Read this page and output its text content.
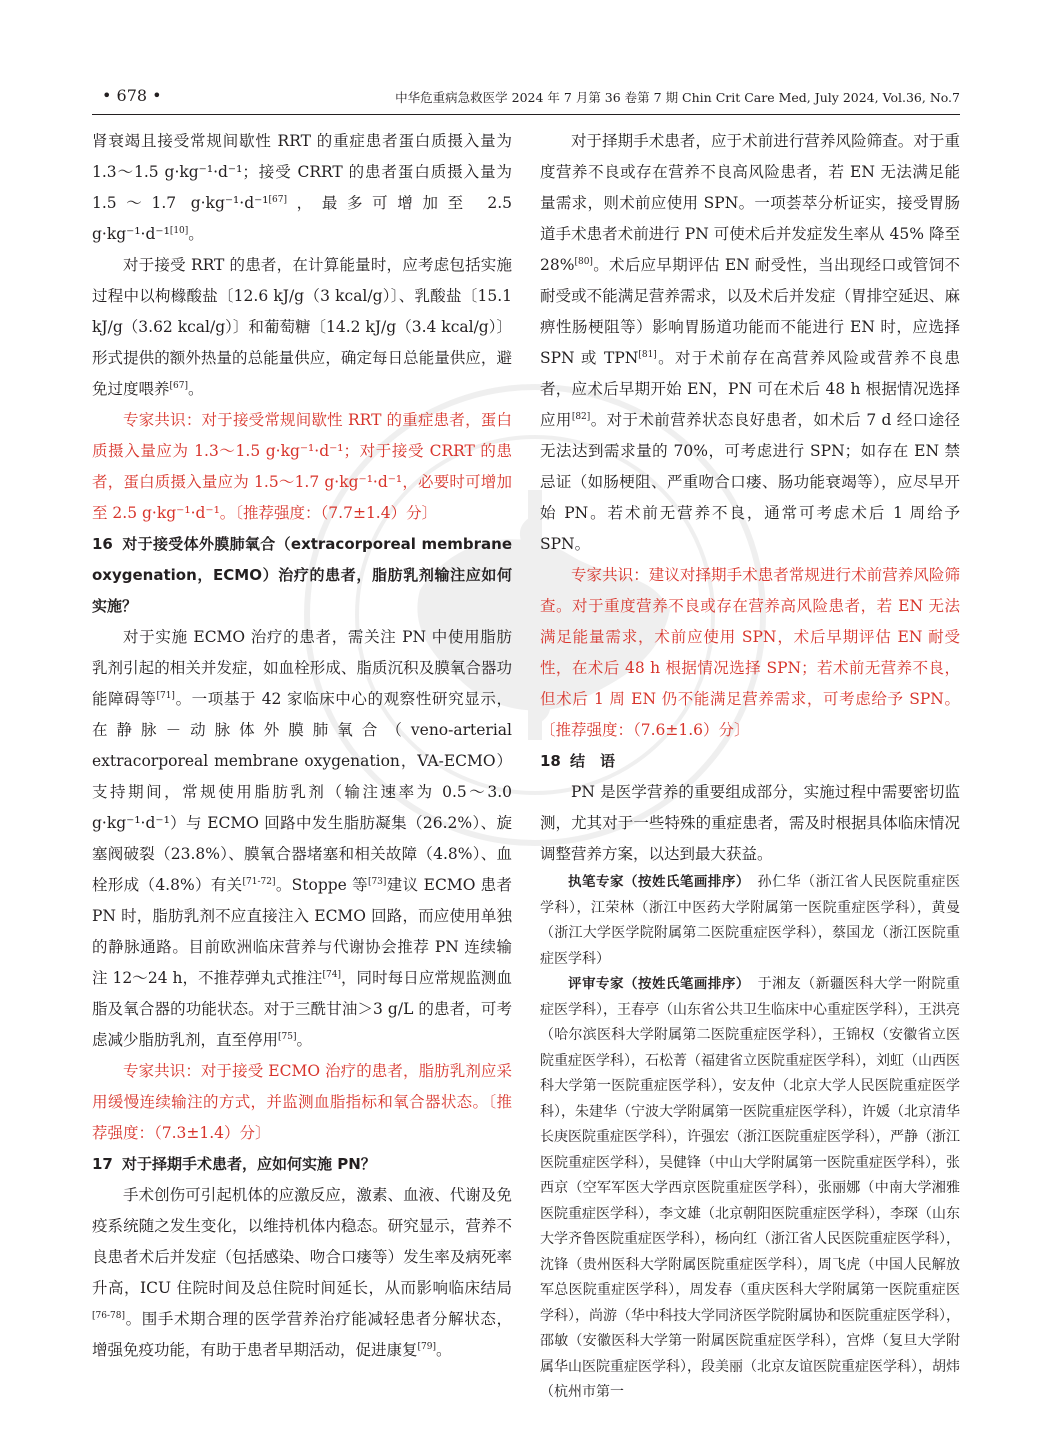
• 678 •	中华危重病急救医学 2024 年 7 月第 36 卷第 7 期 Chin Crit Care Med, July 2024, Vol.36, No.7

肾衰竭且接受常规间歇性 RRT 的重症患者蛋白质摄入量为 1.3～1.5 g·kg⁻¹·d⁻¹；接受 CRRT 的患者蛋白质摄入量为 1.5～1.7 g·kg⁻¹·d⁻¹[67]，最多可增加至 2.5 g·kg⁻¹·d⁻¹[10]。

对于接受 RRT 的患者，在计算能量时，应考虑包括实施过程中以枸橼酸盐〔12.6 kJ/g（3 kcal/g）〕、乳酸盐〔15.1 kJ/g（3.62 kcal/g）〕和葡萄糖〔14.2 kJ/g（3.4 kcal/g）〕形式提供的额外热量的总能量供应，确定每日总能量供应，避免过度喂养[67]。

专家共识：对于接受常规间歇性 RRT 的重症患者，蛋白质摄入量应为 1.3～1.5 g·kg⁻¹·d⁻¹；对于接受 CRRT 的患者，蛋白质摄入量应为 1.5～1.7 g·kg⁻¹·d⁻¹，必要时可增加至 2.5 g·kg⁻¹·d⁻¹。〔推荐强度：（7.7±1.4）分〕

16 对于接受体外膜肺氧合（extracorporeal membrane oxygenation，ECMO）治疗的患者，脂肪乳剂输注应如何实施？

对于实施 ECMO 治疗的患者，需关注 PN 中使用脂肪乳剂引起的相关并发症，如血栓形成、脂质沉积及膜氧合器功能障碍等[71]。一项基于 42 家临床中心的观察性研究显示，在静脉－动脉体外膜肺氧合（veno-arterial extracorporeal membrane oxygenation，VA-ECMO）支持期间，常规使用脂肪乳剂（输注速率为 0.5～3.0 g·kg⁻¹·d⁻¹）与 ECMO 回路中发生脂肪凝集（26.2%）、旋塞阀破裂（23.8%）、膜氧合器堵塞和相关故障（4.8%）、血栓形成（4.8%）有关[71-72]。Stoppe 等[73]建议 ECMO 患者 PN 时，脂肪乳剂不应直接注入 ECMO 回路，而应使用单独的静脉通路。目前欧洲临床营养与代谢协会推荐 PN 连续输注 12～24 h，不推荐弹丸式推注[74]，同时每日应常规监测血脂及氧合器的功能状态。对于三酰甘油＞3 g/L 的患者，可考虑减少脂肪乳剂，直至停用[75]。

专家共识：对于接受 ECMO 治疗的患者，脂肪乳剂应采用缓慢连续输注的方式，并监测血脂指标和氧合器状态。〔推荐强度：（7.3±1.4）分〕

17 对于择期手术患者，应如何实施 PN？

手术创伤可引起机体的应激反应，激素、血液、代谢及免疫系统随之发生变化，以维持机体内稳态。研究显示，营养不良患者术后并发症（包括感染、吻合口瘘等）发生率及病死率升高，ICU 住院时间及总住院时间延长，从而影响临床结局[76-78]。围手术期合理的医学营养治疗能减轻患者分解状态，增强免疫功能，有助于患者早期活动，促进康复[79]。

对于择期手术患者，应于术前进行营养风险筛查。对于重度营养不良或存在营养不良高风险患者，若 EN 无法满足能量需求，则术前应使用 SPN。一项荟萃分析证实，接受胃肠道手术患者术前进行 PN 可使术后并发症发生率从 45% 降至 28%[80]。术后应早期评估 EN 耐受性，当出现经口或管饲不耐受或不能满足营养需求，以及术后并发症（胃排空延迟、麻痹性肠梗阻等）影响胃肠道功能而不能进行 EN 时，应选择 SPN 或 TPN[81]。对于术前存在高营养风险或营养不良患者，应术后早期开始 EN，PN 可在术后 48 h 根据情况选择应用[82]。对于术前营养状态良好患者，如术后 7 d 经口途径无法达到需求量的 70%，可考虑进行 SPN；如存在 EN 禁忌证（如肠梗阻、严重吻合口瘘、肠功能衰竭等），应尽早开始 PN。若术前无营养不良，通常可考虑术后 1 周给予 SPN。

专家共识：建议对择期手术患者常规进行术前营养风险筛查。对于重度营养不良或存在营养高风险患者，若 EN 无法满足能量需求，术前应使用 SPN，术后早期评估 EN 耐受性，在术后 48 h 根据情况选择 SPN；若术前无营养不良，但术后 1 周 EN 仍不能满足营养需求，可考虑给予 SPN。〔推荐强度：（7.6±1.6）分〕

18 结　语

PN 是医学营养的重要组成部分，实施过程中需要密切监测，尤其对于一些特殊的重症患者，需及时根据具体临床情况调整营养方案，以达到最大获益。

执笔专家（按姓氏笔画排序）　 孙仁华（浙江省人民医院重症医学科），江荣林（浙江中医药大学附属第一医院重症医学科），黄曼（浙江大学医学院附属第二医院重症医学科），蔡国龙（浙江医院重症医学科）

评审专家（按姓氏笔画排序）　 于湘友（新疆医科大学一附院重症医学科），王春亭（山东省公共卫生临床中心重症医学科），王洪亮（哈尔滨医科大学附属第二医院重症医学科），王锦权（安徽省立医院重症医学科），石松菁（福建省立医院重症医学科），刘虹（山西医科大学第一医院重症医学科），安友仲（北京大学人民医院重症医学科），朱建华（宁波大学附属第一医院重症医学科），许媛（北京清华长庚医院重症医学科），许强宏（浙江医院重症医学科），严静（浙江医院重症医学科），吴健锋（中山大学附属第一医院重症医学科），张西京（空军军医大学西京医院重症医学科），张丽娜（中南大学湘雅医院重症医学科），李文雄（北京朝阳医院重症医学科），李琛（山东大学齐鲁医院重症医学科），杨向红（浙江省人民医院重症医学科），沈锋（贵州医科大学附属医院重症医学科），周飞虎（中国人民解放军总医院重症医学科），周发春（重庆医科大学附属第一医院重症医学科），尚游（华中科技大学同济医学院附属协和医院重症医学科），邵敏（安徽医科大学第一附属医院重症医学科），宫烨（复旦大学附属华山医院重症医学科），段美丽（北京友谊医院重症医学科），胡炜（杭州市第一
